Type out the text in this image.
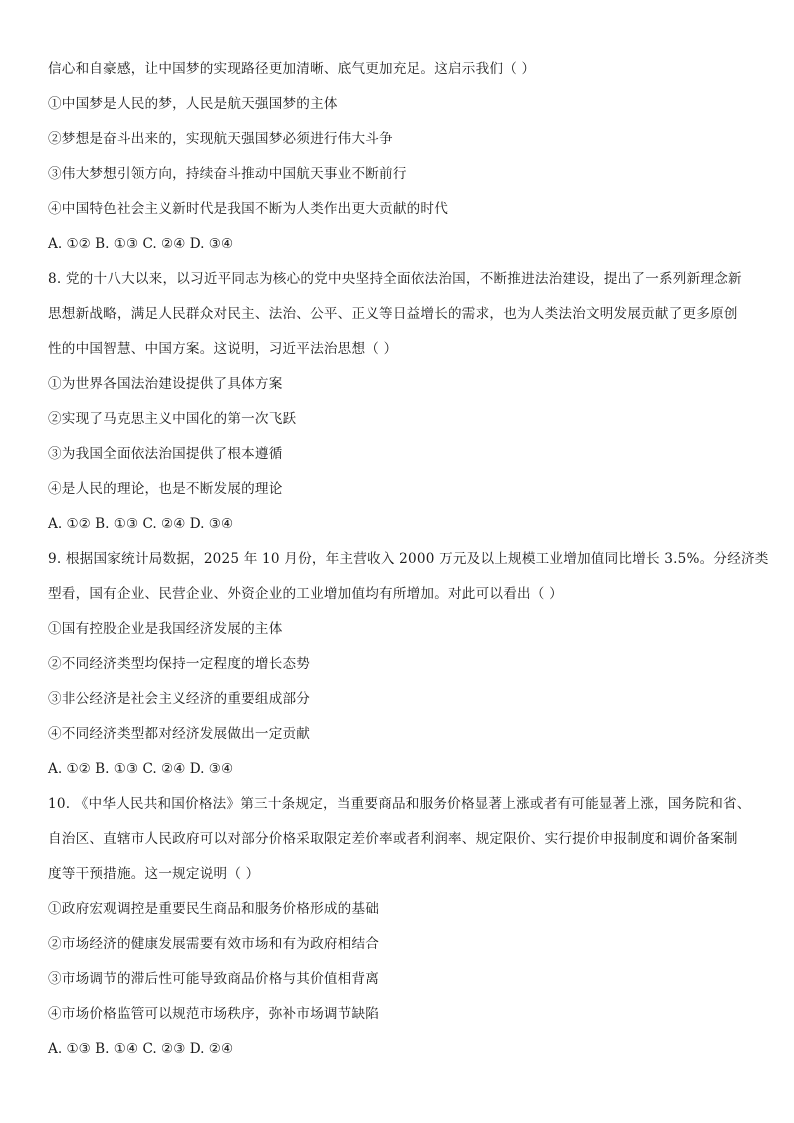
信心和自豪感，让中国梦的实现路径更加清晰、底气更加充足。这启示我们（ ）
①中国梦是人民的梦，人民是航天强国梦的主体
②梦想是奋斗出来的，实现航天强国梦必须进行伟大斗争
③伟大梦想引领方向，持续奋斗推动中国航天事业不断前行
④中国特色社会主义新时代是我国不断为人类作出更大贡献的时代
A. ①② B. ①③ C. ②④ D. ③④
8. 党的十八大以来，以习近平同志为核心的党中央坚持全面依法治国，不断推进法治建设，提出了一系列新理念新
思想新战略，满足人民群众对民主、法治、公平、正义等日益增长的需求，也为人类法治文明发展贡献了更多原创
性的中国智慧、中国方案。这说明，习近平法治思想（ ）
①为世界各国法治建设提供了具体方案
②实现了马克思主义中国化的第一次飞跃
③为我国全面依法治国提供了根本遵循
④是人民的理论，也是不断发展的理论
A. ①② B. ①③ C. ②④ D. ③④
9. 根据国家统计局数据，2025 年 10 月份，年主营收入 2000 万元及以上规模工业增加值同比增长 3.5%。分经济类
型看，国有企业、民营企业、外资企业的工业增加值均有所增加。对此可以看出（ ）
①国有控股企业是我国经济发展的主体
②不同经济类型均保持一定程度的增长态势
③非公经济是社会主义经济的重要组成部分
④不同经济类型都对经济发展做出一定贡献
A. ①② B. ①③ C. ②④ D. ③④
10. 《中华人民共和国价格法》第三十条规定，当重要商品和服务价格显著上涨或者有可能显著上涨，国务院和省、
自治区、直辖市人民政府可以对部分价格采取限定差价率或者利润率、规定限价、实行提价申报制度和调价备案制
度等干预措施。这一规定说明（ ）
①政府宏观调控是重要民生商品和服务价格形成的基础
②市场经济的健康发展需要有效市场和有为政府相结合
③市场调节的滞后性可能导致商品价格与其价值相背离
④市场价格监管可以规范市场秩序，弥补市场调节缺陷
A. ①③ B. ①④ C. ②③ D. ②④
